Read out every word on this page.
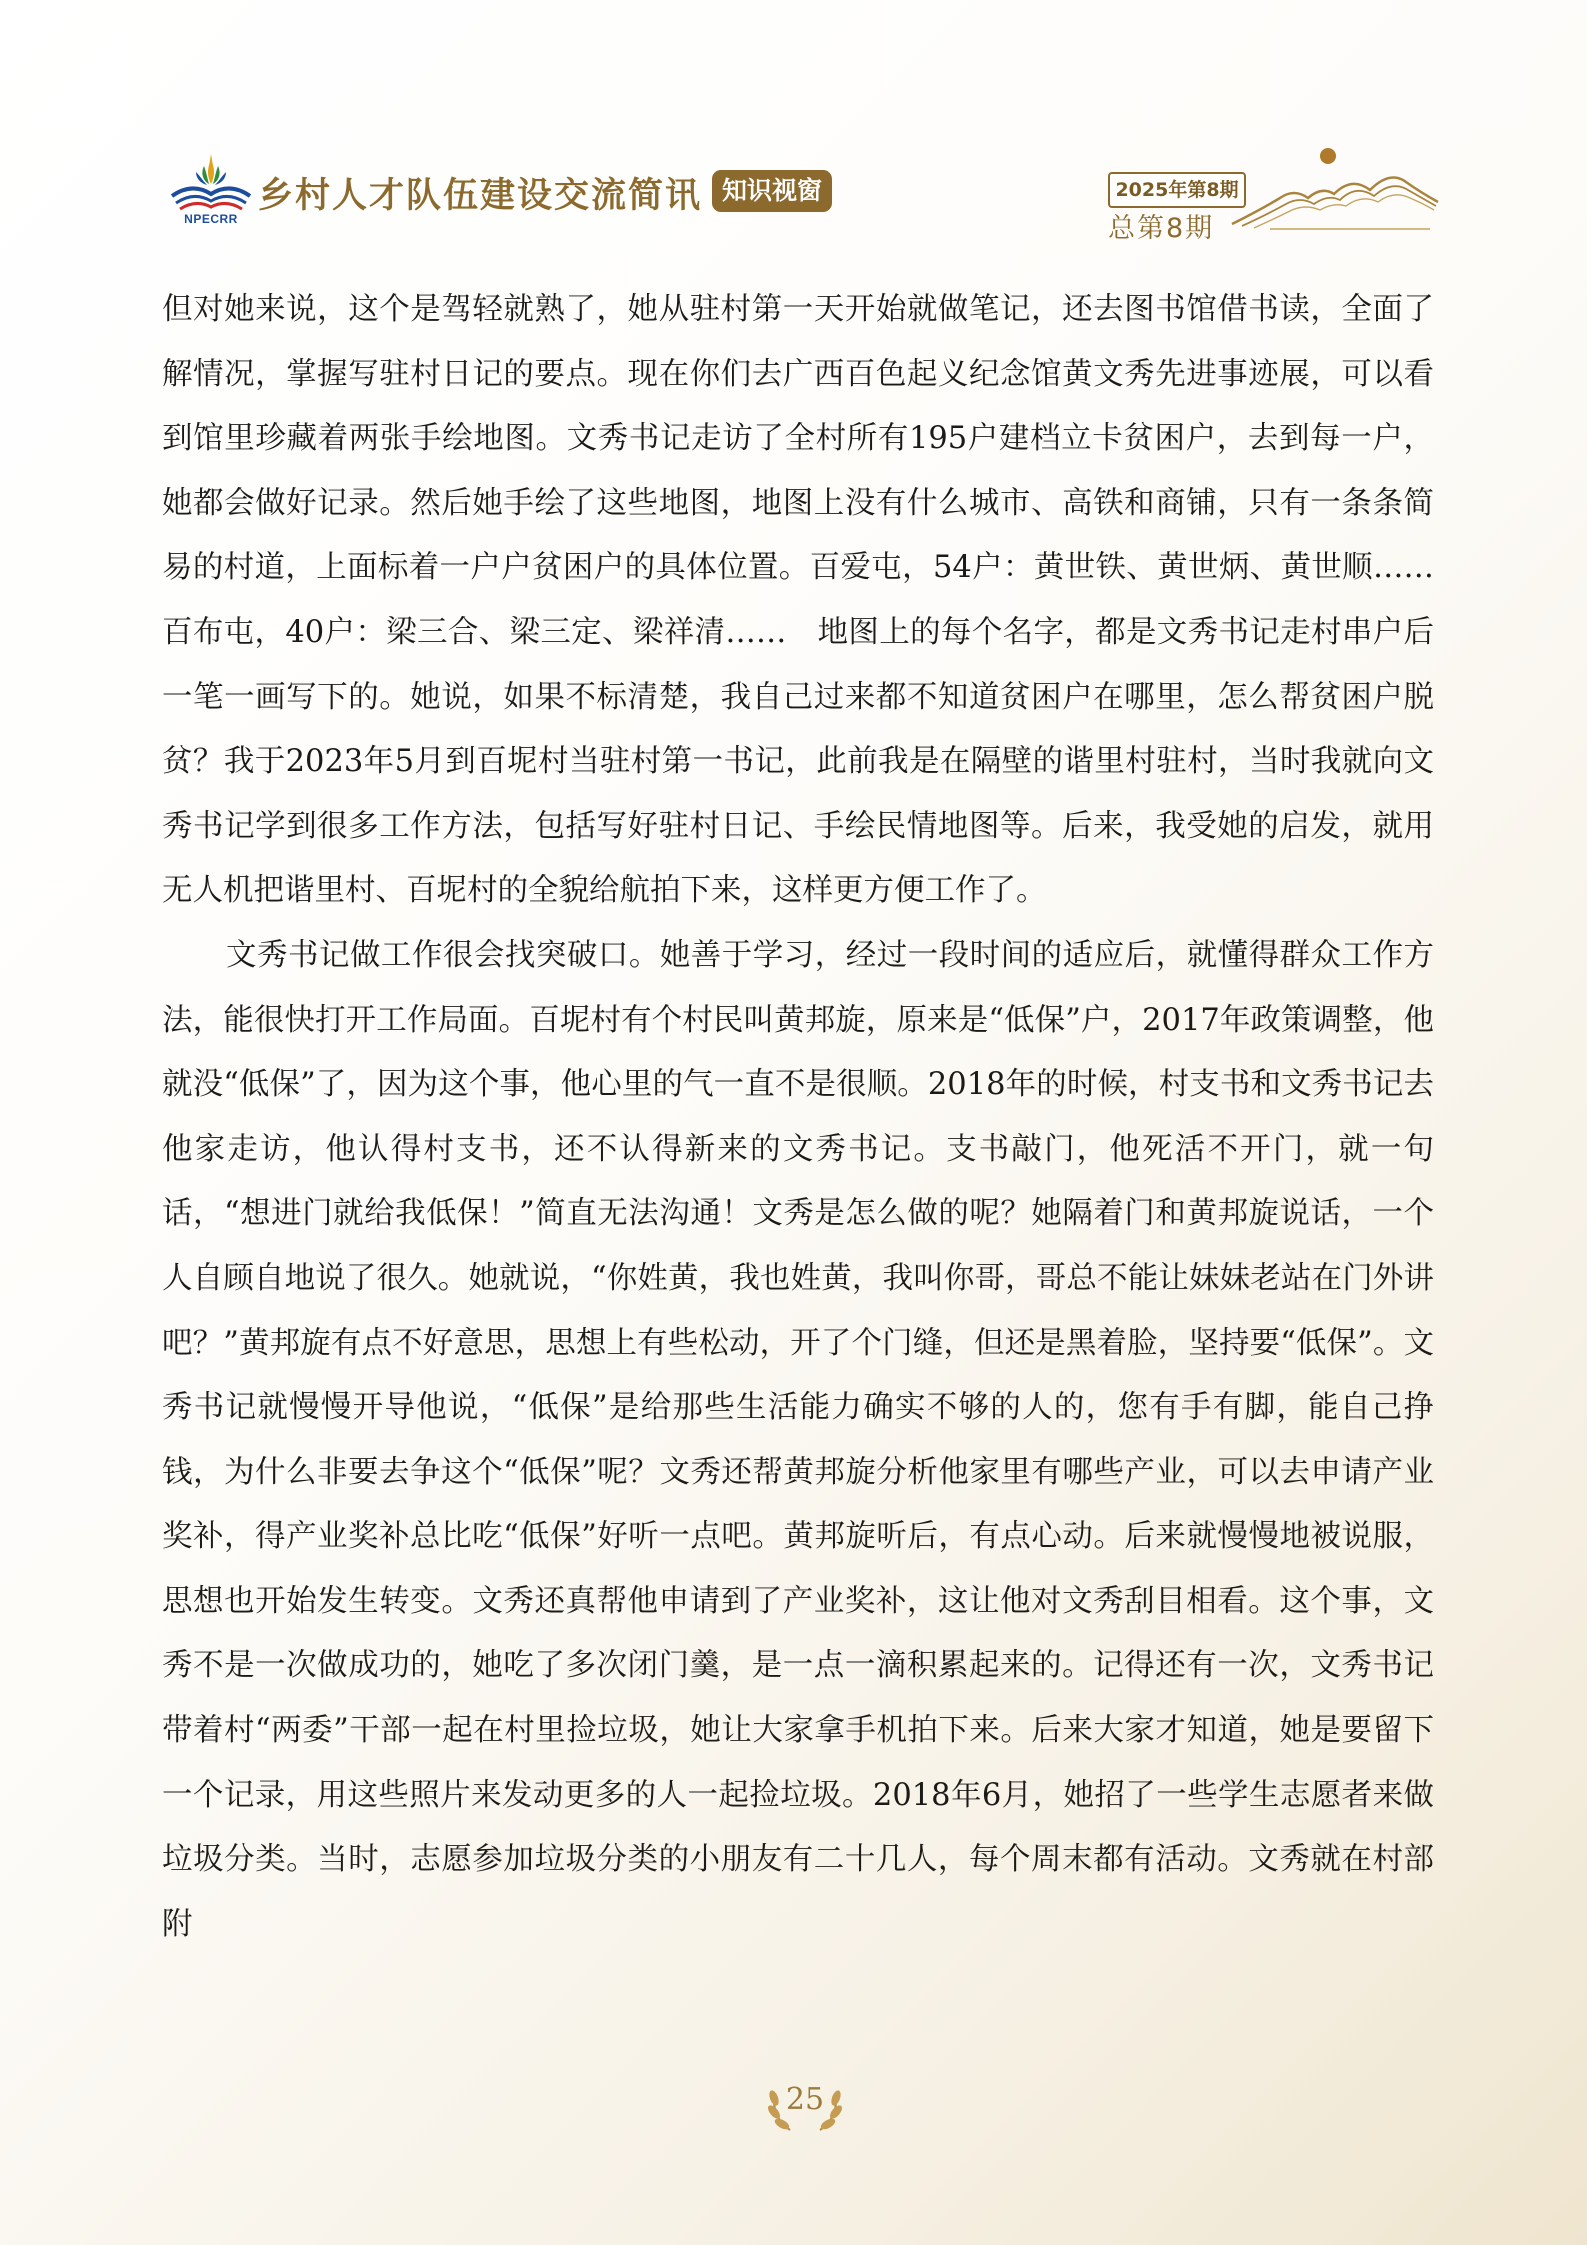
NPECRR
乡村人才队伍建设交流简讯 知识视窗	2025年第8期
总第8期

但对她来说，这个是驾轻就熟了，她从驻村第一天开始就做笔记，还去图书馆借书读，全面了解情况，掌握写驻村日记的要点。现在你们去广西百色起义纪念馆黄文秀先进事迹展，可以看到馆里珍藏着两张手绘地图。文秀书记走访了全村所有195户建档立卡贫困户，去到每一户，她都会做好记录。然后她手绘了这些地图，地图上没有什么城市、高铁和商铺，只有一条条简易的村道，上面标着一户户贫困户的具体位置。百爱屯，54户：黄世铁、黄世炳、黄世顺……百布屯，40户：梁三合、梁三定、梁祥清……　地图上的每个名字，都是文秀书记走村串户后一笔一画写下的。她说，如果不标清楚，我自己过来都不知道贫困户在哪里，怎么帮贫困户脱贫？我于2023年5月到百坭村当驻村第一书记，此前我是在隔壁的谐里村驻村，当时我就向文秀书记学到很多工作方法，包括写好驻村日记、手绘民情地图等。后来，我受她的启发，就用无人机把谐里村、百坭村的全貌给航拍下来，这样更方便工作了。

文秀书记做工作很会找突破口。她善于学习，经过一段时间的适应后，就懂得群众工作方法，能很快打开工作局面。百坭村有个村民叫黄邦旋，原来是“低保”户，2017年政策调整，他就没“低保”了，因为这个事，他心里的气一直不是很顺。2018年的时候，村支书和文秀书记去他家走访，他认得村支书，还不认得新来的文秀书记。支书敲门，他死活不开门，就一句话，“想进门就给我低保！”简直无法沟通！文秀是怎么做的呢？她隔着门和黄邦旋说话，一个人自顾自地说了很久。她就说，“你姓黄，我也姓黄，我叫你哥，哥总不能让妹妹老站在门外讲吧？”黄邦旋有点不好意思，思想上有些松动，开了个门缝，但还是黑着脸，坚持要“低保”。文秀书记就慢慢开导他说，“低保”是给那些生活能力确实不够的人的，您有手有脚，能自己挣钱，为什么非要去争这个“低保”呢？文秀还帮黄邦旋分析他家里有哪些产业，可以去申请产业奖补，得产业奖补总比吃“低保”好听一点吧。黄邦旋听后，有点心动。后来就慢慢地被说服，思想也开始发生转变。文秀还真帮他申请到了产业奖补，这让他对文秀刮目相看。这个事，文秀不是一次做成功的，她吃了多次闭门羹，是一点一滴积累起来的。记得还有一次，文秀书记带着村“两委”干部一起在村里捡垃圾，她让大家拿手机拍下来。后来大家才知道，她是要留下一个记录，用这些照片来发动更多的人一起捡垃圾。2018年6月，她招了一些学生志愿者来做垃圾分类。当时，志愿参加垃圾分类的小朋友有二十几人，每个周末都有活动。文秀就在村部附

25
